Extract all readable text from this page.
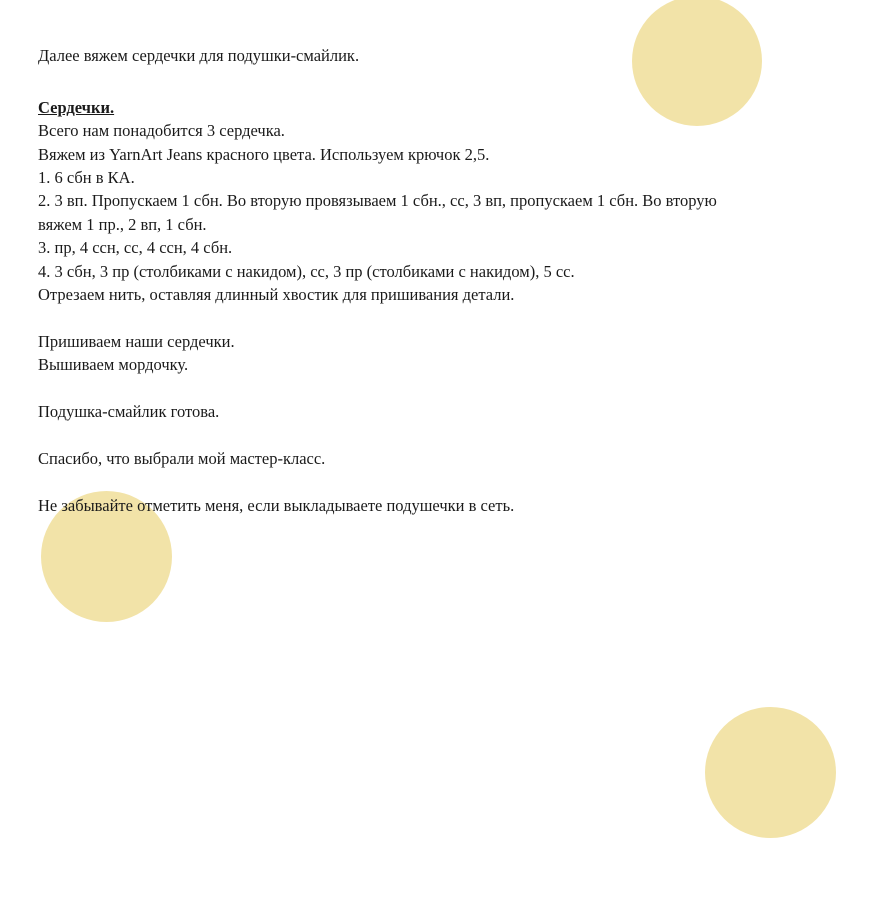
Далее вяжем сердечки для подушки-смайлик.
Сердечки.
Всего нам понадобится 3 сердечка.
Вяжем из YarnArt Jeans красного цвета. Используем крючок 2,5.
1. 6 сбн в КА.
2. 3 вп. Пропускаем 1 сбн. Во вторую провязываем 1 сбн., сс, 3 вп, пропускаем 1 сбн. Во вторую
вяжем 1 пр., 2 вп, 1 сбн.
3. пр, 4 ссн, сс, 4 ссн, 4 сбн.
4. 3 сбн, 3 пр (столбиками с накидом), сс, 3 пр (столбиками с накидом), 5 сс.
Отрезаем нить, оставляя длинный хвостик для пришивания детали.
Пришиваем наши сердечки.
Вышиваем мордочку.
Подушка-смайлик готова.
Спасибо, что выбрали мой мастер-класс.
Не забывайте отметить меня, если выкладываете подушечки в сеть.
